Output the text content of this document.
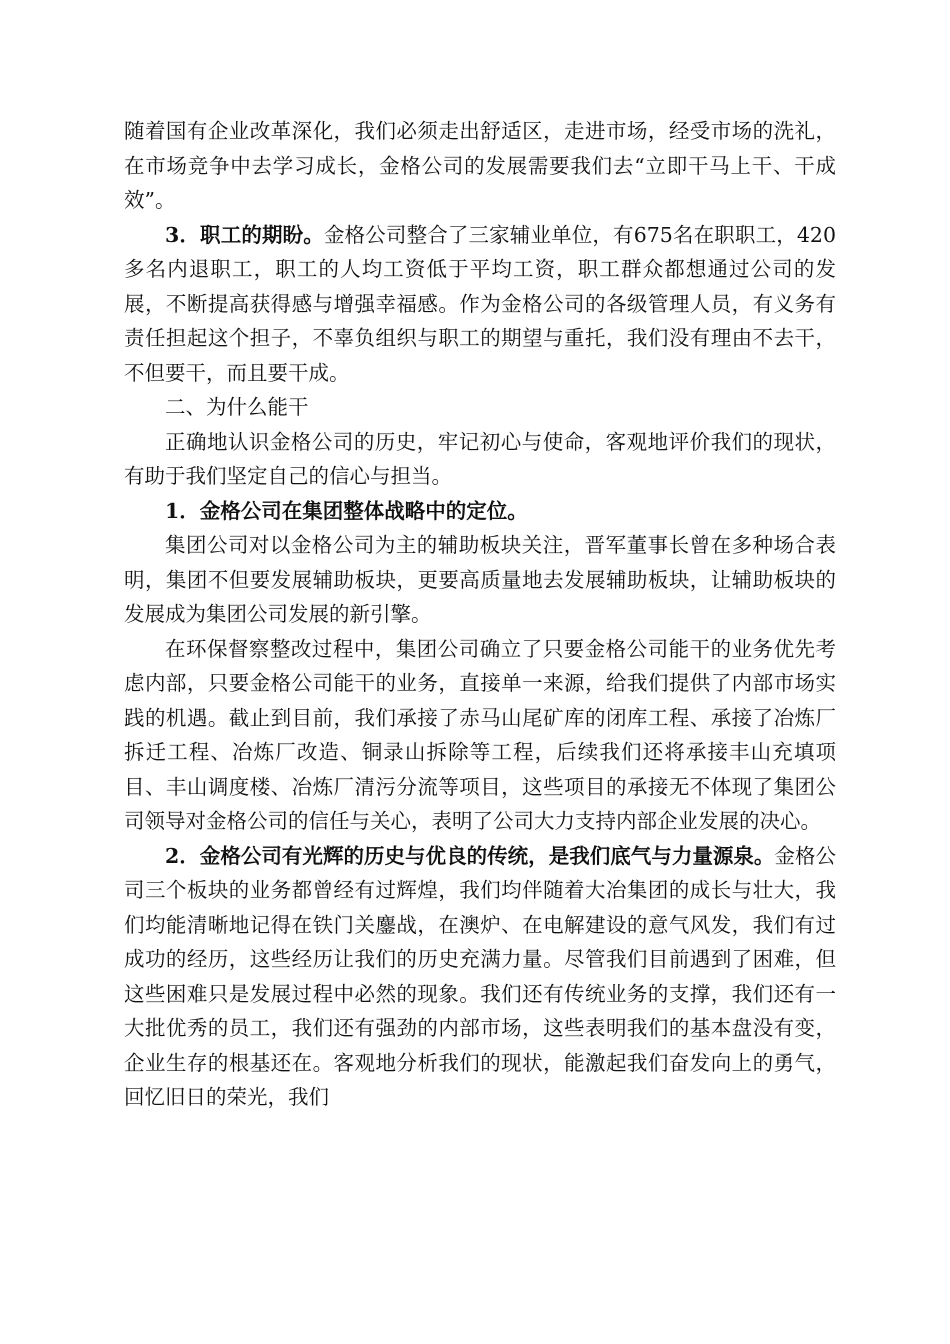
随着国有企业改革深化，我们必须走出舒适区，走进市场，经受市场的洗礼，在市场竞争中去学习成长，金格公司的发展需要我们去“立即干马上干、干成效”。

3．职工的期盼。金格公司整合了三家辅业单位，有675名在职职工，420多名内退职工，职工的人均工资低于平均工资，职工群众都想通过公司的发展，不断提高获得感与增强幸福感。作为金格公司的各级管理人员，有义务有责任担起这个担子，不辜负组织与职工的期望与重托，我们没有理由不去干，不但要干，而且要干成。

二、为什么能干

正确地认识金格公司的历史，牢记初心与使命，客观地评价我们的现状，有助于我们坚定自己的信心与担当。

1．金格公司在集团整体战略中的定位。

集团公司对以金格公司为主的辅助板块关注，晋军董事长曾在多种场合表明，集团不但要发展辅助板块，更要高质量地去发展辅助板块，让辅助板块的发展成为集团公司发展的新引擎。

在环保督察整改过程中，集团公司确立了只要金格公司能干的业务优先考虑内部，只要金格公司能干的业务，直接单一来源，给我们提供了内部市场实践的机遇。截止到目前，我们承接了赤马山尾矿库的闭库工程、承接了冶炼厂拆迁工程、冶炼厂改造、铜录山拆除等工程，后续我们还将承接丰山充填项目、丰山调度楼、冶炼厂清污分流等项目，这些项目的承接无不体现了集团公司领导对金格公司的信任与关心，表明了公司大力支持内部企业发展的决心。

2．金格公司有光辉的历史与优良的传统，是我们底气与力量源泉。金格公司三个板块的业务都曾经有过辉煌，我们均伴随着大冶集团的成长与壮大，我们均能清晰地记得在铁门关鏖战，在澳炉、在电解建设的意气风发，我们有过成功的经历，这些经历让我们的历史充满力量。尽管我们目前遇到了困难，但这些困难只是发展过程中必然的现象。我们还有传统业务的支撑，我们还有一大批优秀的员工，我们还有强劲的内部市场，这些表明我们的基本盘没有变，企业生存的根基还在。客观地分析我们的现状，能激起我们奋发向上的勇气，回忆旧日的荣光，我们
